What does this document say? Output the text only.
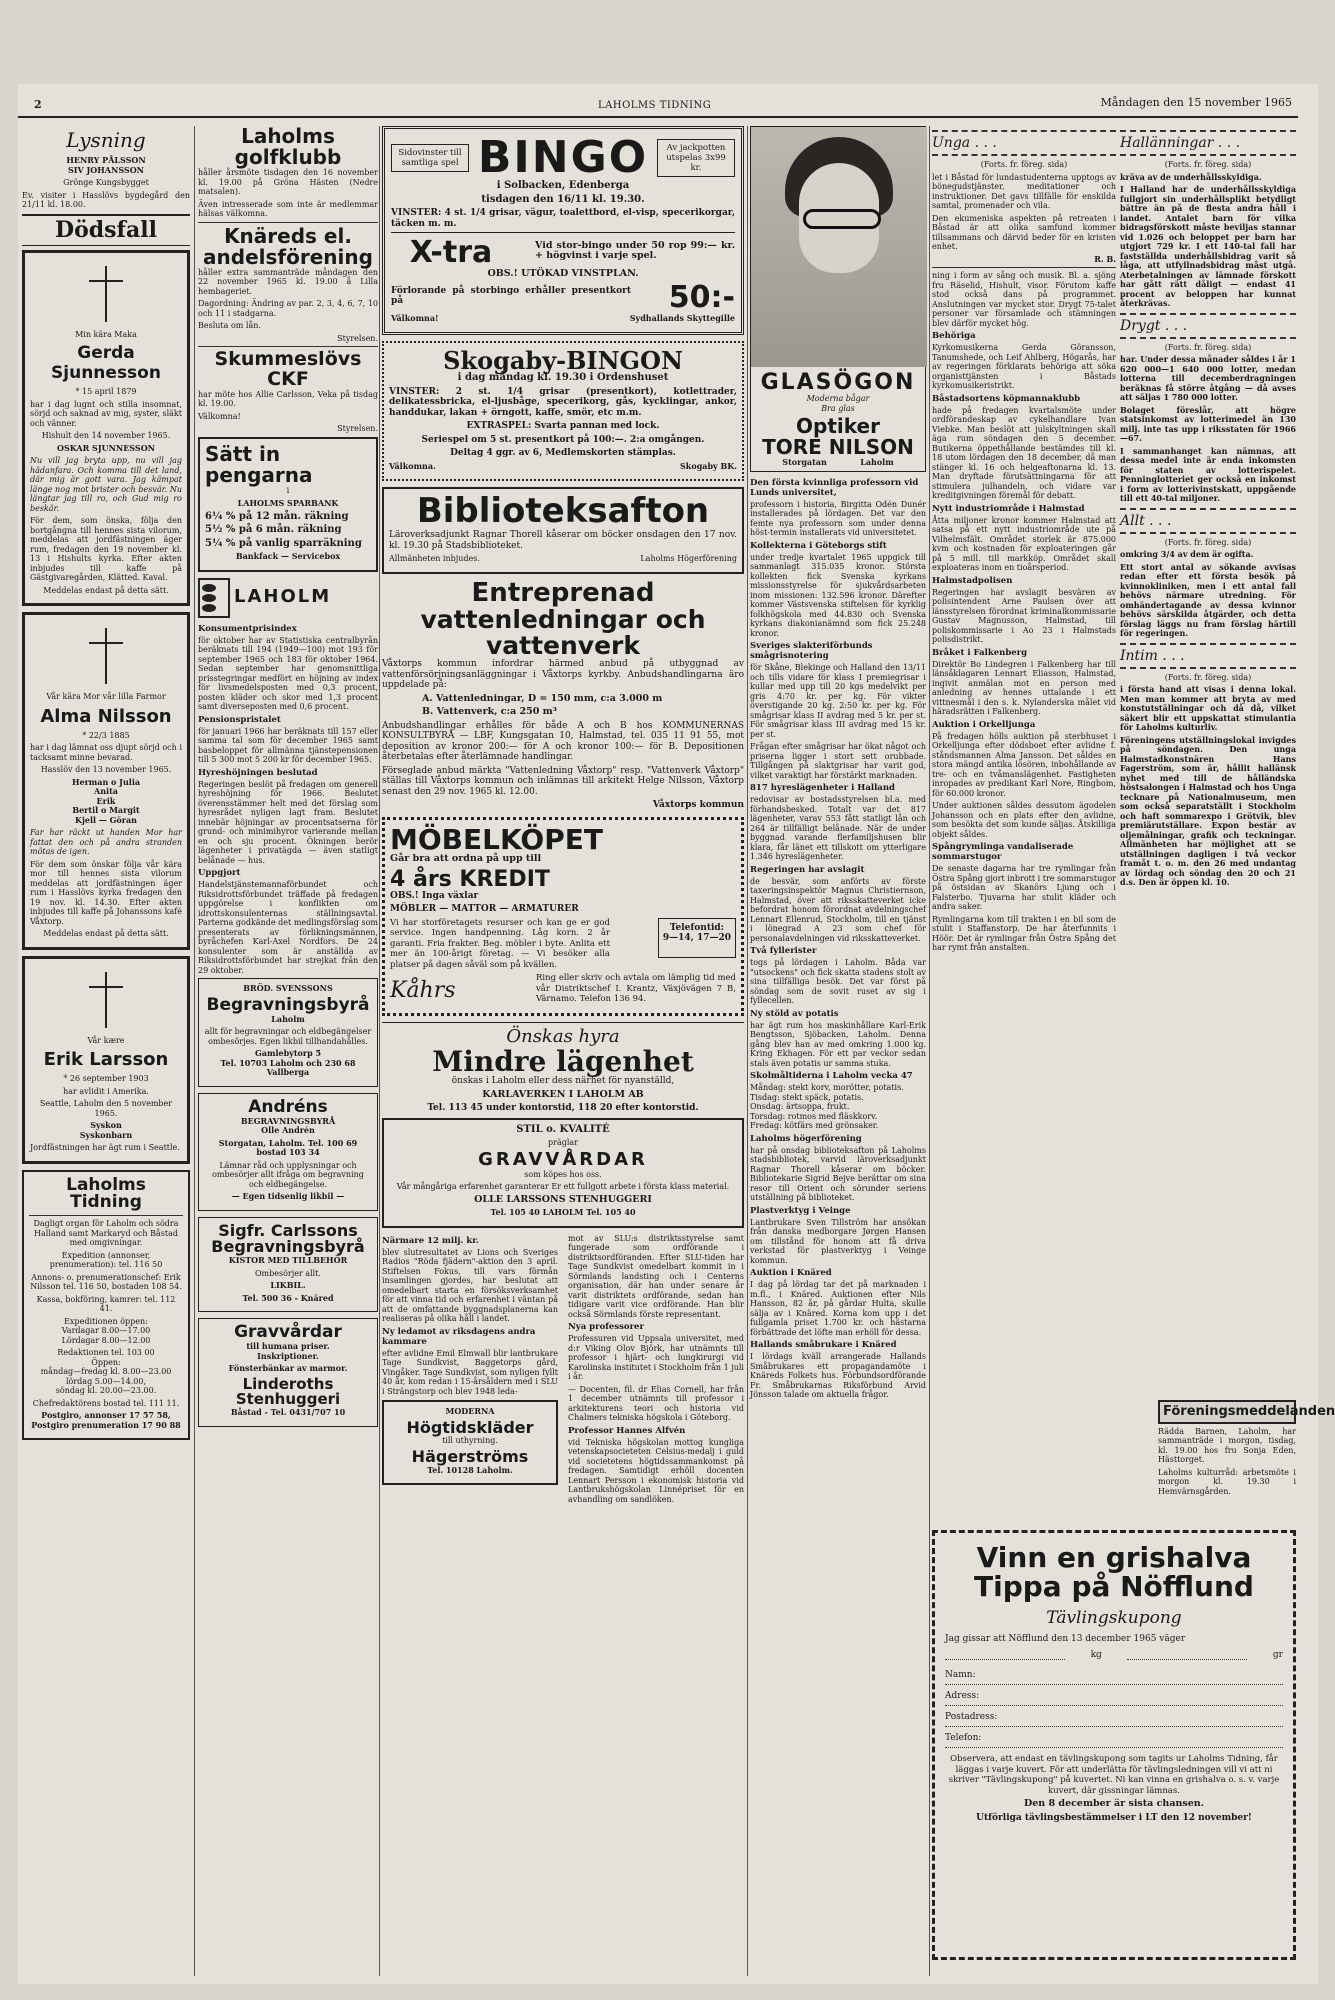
2	LAHOLMS TIDNING	Måndagen den 15 november 1965
Lysning

HENRY PÅLSSON
SIV JOHANSSON

Grönge Kungsbygget

Ev. visiter i Hasslövs bygdegård den 21/11 kl. 18.00.

Dödsfall

Min kära Maka

Gerda Sjunnesson

* 15 april 1879

har i dag lugnt och stilla insomnat, sörjd och saknad av mig, syster, släkt och vänner.

Hishult den 14 november 1965.

OSKAR SJUNNESSON

Nu vill jag bryta upp, nu vill jag hädanfara. Och komma till det land, där mig är gott vara. Jag kämpat länge nog mot brister och besvär. Nu längtar jag till ro, och Gud mig ro beskär.

För dem, som önska, följa den bortgångna till hennes sista vilorum, meddelas att jordfästningen äger rum, fredagen den 19 november kl. 13 i Hishults kyrka. Efter akten inbjudes till kaffe på Gästgivaregården, Klätted. Kaval.

Meddelas endast på detta sätt.

Vår kära Mor vår lilla Farmor

Alma Nilsson

* 22/3 1885

har i dag lämnat oss djupt sörjd och i tacksamt minne bevarad.

Hasslöv den 13 november 1965.

Herman o Julia
Anita
Erik
Bertil o Margit
Kjell — Göran

Far har räckt ut handen Mor har fattat den och på andra stranden mötas de igen.

För dem som önskar följa vår kära mor till hennes sista vilorum meddelas att jordfästningen äger rum i Hasslövs kyrka fredagen den 19 nov. kl. 14.30. Efter akten inbjudes till kaffe på Johanssons kafé Våxtorp.

Meddelas endast på detta sätt.

Vår kære

Erik Larsson

* 26 september 1903

har avlidit i Amerika.

Seattle, Laholm den 5 november 1965.

Syskon
Syskonbarn

Jordfästningen har ägt rum i Seattle.

Laholms Tidning

Dagligt organ för Laholm och södra Halland samt Markaryd och Båstad med omgivningar.

Expedition (annonser, prenumeration): tel. 116 50

Annons- o. prenumerationschef: Erik Nilsson tel. 116 50, bostaden 108 54.

Kassa, bokföring, kamrer: tel. 112 41.

Expeditionen öppen:
Vardagar 8.00—17.00
Lördagar 8.00—12.00

Redaktionen tel. 103 00
Öppen:
måndag—fredag kl. 8.00—23.00
lördag 5.00—14.00,
söndag kl. 20.00—23.00.

Chefredaktörens bostad tel. 111 11.

Postgiro, annonser 17 57 58,
Postgiro prenumeration 17 90 88

Laholms golfklubb

håller årsmöte tisdagen den 16 november kl. 19.00 på Gröna Hästen (Nedre matsalen).

Även intresserade som inte är medlemmar hälsas välkomna.

Knäreds el. andelsförening

håller extra sammanträde måndagen den 22 november 1965 kl. 19.00 å Lilla hembageriet.

Dagordning: Ändring av par. 2, 3, 4, 6, 7, 10 och 11 i stadgarna.

Besluta om lån.

Styrelsen.

Skummeslövs CKF

har möte hos Allie Carlsson, Veka på tisdag kl. 19.00.

Välkomna!

Styrelsen.

Sätt in
pengarna

i

LAHOLMS SPARBANK

6¼ % på 12 mån. räkning

5½ % på 6 mån. räkning

5¼ % på vanlig sparräkning

Bankfack — Servicebox

LAHOLM
Konsumentprisindex

för oktober har av Statistiska centralbyrån beräknats till 194 (1949—100) mot 193 för september 1965 och 183 för oktober 1964. Sedan september har genomsnittliga prisstegringar medfört en höjning av index för livsmedelsposten med 0,3 procent, posten kläder och skor med 1,3 procent samt diverseposten med 0,6 procent.

Pensionspristalet

för januari 1966 har beräknats till 157 eller samma tal som för december 1965 samt basbeloppet för allmänna tjänstepensionen till 5 300 mot 5 200 kr för december 1965.

Hyreshöjningen beslutad

Regeringen beslöt på fredagen om generell hyreshöjning för 1966. Beslutet överensstämmer helt med det förslag som hyresrådet nyligen lagt fram. Beslutet innebär höjningar av procentsatserna för grund- och minimihyror varierande mellan en och sju procent. Ökningen berör lägenheter i privatägda — även statligt belånade — hus.

Uppgjort

Handelstjänstemannaförbundet och Riksidrottsförbundet träffade på fredagen uppgörelse i konflikten om idrottskonsulenternas ställningsavtal. Parterna godkände det medlingsförslag som presenterats av förlikningsmännen, byråchefen Karl-Axel Nordfors. De 24 konsulenter som är anställda av Riksidrottsförbundet har strejkat från den 29 oktober.

BRÖD. SVENSSONS

Begravningsbyrå

Laholm

allt för begravningar och eldbegängelser ombesörjes. Egen likbil tillhandahålles.

Gamlebytorp 5
Tel. 10703 Laholm och 230 68 Vallberga

Andréns

BEGRAVNINGSBYRÅ
Olle Andrén

Storgatan, Laholm. Tel. 100 69
bostad 103 34

Lämnar råd och upplysningar och ombesörjer allt ifråga om begravning och eldbegängelse.

— Egen tidsenlig likbil —

Sigfr. Carlssons Begravningsbyrå

KISTOR MED TILLBEHÖR

Ombesörjer allt.

LIKBIL.

Tel. 500 36 - Knäred

Gravvårdar

till humana priser.
Inskriptioner.

Fönsterbänkar av marmor.

Linderoths Stenhuggeri

Båstad - Tel. 0431/707 10

Sidovinster till samtliga spel BINGO	Av jackpotten utspelas 3x99 kr.

i Solbacken, Edenberga

tisdagen den 16/11 kl. 19.30.

VINSTER: 4 st. 1/4 grisar, vägur, toalettbord, el-visp, specerikorgar, täcken m. m.

X-tra	Vid stor-bingo under 50 rop 99:— kr. + högvinst i varje spel.

OBS.! UTÖKAD VINSTPLAN.

Förlorande på storbingo erhåller presentkort på	50:-

Välkomna!	Sydhallands Skyttegille

Skogaby-BINGON

i dag måndag kl. 19.30 i Ordenshuset

VINSTER: 2 st. 1/4 grisar (presentkort), kotlettrader, delikatessbricka, el-ljusbåge, specerikorg, gås, kycklingar, ankor, handdukar, lakan + örngott, kaffe, smör, etc m.m.

EXTRASPEL: Svarta pannan med lock.

Seriespel om 5 st. presentkort på 100:—. 2:a omgången.

Deltag 4 ggr. av 6, Medlemskorten stämplas.

Välkomna.	Skogaby BK.

Biblioteksafton

Läroverksadjunkt Ragnar Thorell kåserar om böcker onsdagen den 17 nov. kl. 19.30 på Stadsbiblioteket.

Allmänheten inbjudes.	Laholms Högerförening

Entreprenad
vattenledningar och vattenverk

Våxtorps kommun infordrar härmed anbud på utbyggnad av vattenförsörjningsanläggningar i Våxtorps kyrkby. Anbudshandlingarna äro uppdelade på:

A. Vattenledningar, D = 150 mm, c:a 3.000 m

B. Vattenverk, c:a 250 m³

Anbudshandlingar erhålles för både A och B hos KOMMUNERNAS KONSULTBYRÅ — LBF, Kungsgatan 10, Halmstad, tel. 035 11 91 55, mot deposition av kronor 200:— för A och kronor 100:— för B. Depositionen återbetalas efter återlämnade handlingar.

Förseglade anbud märkta "Vattenledning Våxtorp" resp. "Vattenverk Våxtorp" ställas till Våxtorps kommun och inlämnas till arkitekt Helge Nilsson, Våxtorp senast den 29 nov. 1965 kl. 12.00.

Våxtorps kommun

MÖBELKÖPET

Går bra att ordna på upp till

4 års KREDIT

OBS.! Inga växlar

MÖBLER — MATTOR — ARMATURER

Vi har storföretagets resurser och kan ge er god service. Ingen handpenning. Låg korn. 2 år garanti. Fria frakter. Beg. möbler i byte. Anlita ett mer än 100-årigt företag. — Vi besöker alla platser på dagen såväl som på kvällen.

Telefontid:
9—14, 17—20
Kåhrs	Ring eller skriv och avtala om lämplig tid med vår Distriktschef I. Krantz, Växjövägen 7 B, Värnamo. Telefon 136 94.

Önskas hyra
Mindre lägenhet

önskas i Laholm eller dess närhet för nyanställd,

KARLAVERKEN I LAHOLM AB

Tel. 113 45 under kontorstid, 118 20 efter kontorstid.

STIL o. KVALITÉ

präglar

GRAVVÅRDAR

som köpes hos oss.

Vår mångåriga erfarenhet garanterar Er ett fullgott arbete i första klass material.

OLLE LARSSONS STENHUGGERI

Tel. 105 40 LAHOLM Tel. 105 40

Närmare 12 milj. kr.

blev slutresultatet av Lions och Sveriges Radios "Röda fjädern"-aktion den 3 april. Stiftelsen Fokus, till vars förmån insamlingen gjordes, har beslutat att omedelbart starta en försöksverksamhet för att vinna tid och erfarenhet i väntan på att de omfattande byggnadsplanerna kan realiseras på olika håll i landet.

Ny ledamot av riksdagens andra kammare

efter avlidne Emil Elmwall blir lantbrukare Tage Sundkvist, Baggetorps gård, Vingåker. Tage Sundkvist, som nyligen fyllt 40 år, kom redan i 15-årsåldern med i SLU i Strängstorp och blev 1948 leda-

MODERNA

Högtidskläder

till uthyrning.

Hägerströms

Tel. 10128 Laholm.

mot av SLU:s distriktsstyrelse samt fungerade som ordförande i distriktsordföranden. Efter SLU-tiden har Tage Sundkvist omedelbart kommit in i Sörmlands landsting och i Centerns organisation, där han under senare år varit distriktets ordförande, sedan han tidigare varit vice ordförande. Han blir också Sörmlands förste representant.

Nya professorer

Professuren vid Uppsala universitet, med d:r Viking Olov Björk, har utnämnts till professor i hjärt- och lungkirurgi vid Karolinska institutet i Stockholm från 1 juli i år.

— Docenten, fil. dr Elias Cornell, har från 1 december utnämnts till professor i arkitekturens teori och historia vid Chalmers tekniska högskola i Göteborg.

Professor Hannes Alfvén

vid Tekniska högskolan mottog kungliga vetenskapsocieteten Celsius-medalj i guld vid societetens högtidssammankomst på fredagen. Samtidigt erhöll docenten Lennart Persson i ekonomisk historia vid Lantbrukshögskolan Linnépriset för en avhandling om sandlöken.

GLASÖGON

Moderna bågar
Bra glas

Optiker
TORE NILSON

Storgatan            Laholm

Den första kvinnliga professorn vid Lunds universitet,

professorn i historia, Birgitta Odén Dunér installerades på lördagen. Det var den femte nya professorn som under denna höst-termin installerats vid universitetet.

Kollekterna i Göteborgs stift

under tredje kvartalet 1965 uppgick till sammanlagt 315.035 kronor. Största kollekten fick Svenska kyrkans missionsstyrelse för sjukvårdsarbeten inom missionen: 132.596 kronor. Därefter kommer Västsvenska stiftelsen för kyrklig folkhögskola med 44.830 och Svenska kyrkans diakonianämnd som fick 25.248 kronor.

Sveriges slakteriförbunds smågrisnotering

för Skåne, Blekinge och Halland den 13/11 och tills vidare för klass I premiegrisar i kullar med upp till 20 kgs medelvikt per gris 4:70 kr. per kg. För vikter överstigande 20 kg. 2:50 kr. per kg. För smågrisar klass II avdrag med 5 kr. per st. För smågrisar klass III avdrag med 15 kr. per st.

Frågan efter smågrisar har ökat något och priserna ligger i stort sett orubbade. Tillgången på slaktgrisar har varit god, vilket varaktigt har förstärkt marknaden.

817 hyreslägenheter i Halland

redovisar av bostadsstyrelsen bl.a. med förhandsbesked. Totalt var det 817 lägenheter, varav 553 fått statligt lån och 264 är tillfälligt belånade. När de under byggnad varande flerfamiljshusen blir klara, får länet ett tillskott om ytterligare 1.346 hyreslägenheter.

Regeringen har avslagit

de besvär, som anförts av förste taxeringsinspektör Magnus Christiernson, Halmstad, över att riksskatteverket icke befordrat honom förordnat avdelningschef Lennart Ellenrud, Stockholm, till en tjänst i lönegrad A 23 som chef för personalavdelningen vid riksskatteverket.

Två fyllerister

togs på lördagen i Laholm. Båda var "utsockens" och fick skatta stadens stolt av sina tillfälliga besök. Det var först på söndag som de sovit ruset av sig i fyllecellen.

Ny stöld av potatis

har ägt rum hos maskinhållare Karl-Erik Bengtsson, Sjöbacken, Laholm. Denna gång blev han av med omkring 1.000 kg. Kring Ekhagen. För ett par veckor sedan stals även potatis ur samma stuka.

Skolmåltiderna i Laholm vecka 47

Måndag: stekt korv, morötter, potatis.
Tisdag: stekt späck, potatis.
Onsdag: ärtsoppa, frukt.
Torsdag: rotmos med fläskkorv.
Fredag: kötfärs med grönsaker.

Laholms högerförening

har på onsdag biblioteksafton på Laholms stadsbibliotek, varvid läroverksadjunkt Ragnar Thorell kåserar om böcker. Bibliotekarie Sigrid Bejve berättar om sina resor till Orient och sörunder seriens utställning på biblioteket.

Plastverktyg i Veinge

Lantbrukare Sven Tillström har ansökan från danska medborgare Jørgen Hansen om tillstånd för honom att få driva verkstad för plastverktyg i Veinge kommun.

Auktion i Knäred

I dag på lördag tar det på marknaden i m.fl., i Knäred. Auktionen efter Nils Hansson, 82 år, på gårdar Hulta, skulle sälja av i Knäred. Korna kom upp i det fullgamla priset 1.700 kr. och hästarna förbättrade det löfte man erhöll för dessa.

Hallands småbrukare i Knäred

I lördags kväll arrangerade Hallands Småbrukares ett propagandamöte i Knäreds Folkets hus. Förbundsordförande Fr. Småbrukarnas Riksförbund Arvid Jönsson talade om aktuella frågor.

Unga . . .

(Forts. fr. föreg. sida)

let i Båstad för lundastudenterna upptogs av bönegudstjänster, meditationer och instruktioner. Det gavs tillfälle för enskilda samtal, promenader och vila.

Den ekumeniska aspekten på retreaten i Båstad är att olika samfund kommer tillsammans och därvid beder för en kristen enhet.

R. B.

ning i form av sång och musik. Bl. a. sjöng fru Räselid, Hishult, visor. Förutom kaffe stod också dans på programmet. Anslutningen var mycket stor. Drygt 75-talet personer var församlade och stämningen blev därför mycket hög.

Behöriga

Kyrkomusikerna Gerda Göransson, Tanumshede, och Leif Ahlberg, Högarås, har av regeringen förklarats behöriga att söka organisttjänsten i Båstads kyrkomusikeristrikt.

Båstadsortens köpmannaklubb

hade på fredagen kvartalsmöte under ordförandeskap av cykelhandlare Ivan Viebke. Man beslöt att julskyltningen skall äga rum söndagen den 5 december. Butikerna öppethållande bestämdes till kl. 18 utom lördagen den 18 december, då man stänger kl. 16 och helgeaftonarna kl. 13. Man dryftade förutsättningarna för att stimulera julhandeln, och vidare var kreditgivningen föremål för debatt.

Nytt industriområde i Halmstad

Åtta miljoner kronor kommer Halmstad att satsa på ett nytt industriområde ute på Vilhelmsfält. Området storlek är 875.000 kvm och kostnaden för exploateringen går på 5 mill. till markköp. Området skall exploateras inom en tioårsperiod.

Halmstadpolisen

Regeringen har avslagit besvären av polisintendent Arne Paulsen över att länsstyrelsen förordnat kriminalkommissarie Gustav Magnusson, Halmstad, till poliskommissarie i Ao 23 i Halmstads polisdistrikt.

Bråket i Falkenberg

Direktör Bo Lindegren i Falkenberg har till länsåklagaren Lennart Eliasson, Halmstad, ingivit anmälan mot en person med anledning av hennes uttalande i ett vittnesmål i den s. k. Nylanderska målet vid häradsrätten i Falkenberg.

Auktion i Orkelljunga

På fredagen hölls auktion på sterbhuset i Orkelljunga efter dödsboet efter avlidne f. ståndsmannen Alma Jansson. Det såldes en stora mängd antika lösören, inbohållande av tre- och en tvåmanslägenhet. Fastigheten inropades av predikant Karl Nore, Ringbom, för 60.000 kronor.

Under auktionen såldes dessutom ägodelen Johansson och en plats efter den avlidne, som besökta det som kunde säljas. Åtskilliga objekt såldes.

Spångrymlinga vandaliserade sommarstugor

De senaste dagarna har tre rymlingar från Östra Spång gjort inbrott i tre sommarstugor på östsidan av Skanörs Ljung och i Falsterbo. Tjuvarna har stulit kläder och andra saker.

Rymlingarna kom till trakten i en bil som de stulit i Staffanstorp. De har återfunnits i Höör. Det är rymlingar från Östra Spång det har rymt från anstalten.

Hallänningar . . .

(Forts. fr. föreg. sida)

kräva av de underhållsskyldiga.

I Halland har de underhållsskyldiga fullgjort sin underhållsplikt betydligt bättre än på de flesta andra håll i landet. Antalet barn för vilka bidragsförskott måste beviljas stannar vid 1.026 och beloppet per barn har utgjort 729 kr. I ett 140-tal fall har fastställda underhållsbidrag varit så låga, att utfyllnadsbidrag måst utgå. Aterbetalningen av lämnade förskott har gått rätt dåligt — endast 41 procent av beloppen har kunnat återkrävas.

Drygt . . .

(Forts. fr. föreg. sida)

har. Under dessa månader såldes i år 1 620 000—1 640 000 lotter, medan lotterna till decemberdragningen beräknas få större åtgång — då avses att säljas 1 780 000 lotter.

Bolaget föreslår, att högre statsinkomst av lotterimedel än 130 milj. inte tas upp i riksstaten för 1966—67.

I sammanhanget kan nämnas, att dessa medel inte är enda inkomsten för staten av lotterispelet. Penninglotteriet ger också en inkomst i form av lotterivinstskatt, uppgående till ett 40-tal miljoner.

Allt . . .

(Forts. fr. föreg. sida)

omkring 3/4 av dem är ogifta.

Ett stort antal av sökande avvisas redan efter ett första besök på kvinnokliniken, men i ett antal fall behövs närmare utredning. För omhändertagande av dessa kvinnor behövs särskilda åtgärder, och detta förslag läggs nu fram förslag härtill för regeringen.

Intim . . .

(Forts. fr. föreg. sida)

i första hand att visas i denna lokal. Men man kommer att bryta av med konstutställningar och då då, vilket säkert blir ett uppskattat stimulantia för Laholms kulturliv.

Föreningens utställningslokal invigdes på söndagen. Den unga Halmstadkonstnären Hans Fagerström, som är, hållit hallänsk nyhet med till de hålländska höstsalongen i Halmstad och hos Unga tecknare på Nationalmuseum, men som också separatställt i Stockholm och haft sommarexpo i Grötvik, blev premiärutställare. Expon bestär av oljemålningar, grafik och teckningar. Allmänheten har möjlighet att se utställningen dagligen i två veckor framåt t. o. m. den 26 med undantag av lördag och söndag den 20 och 21 d.s. Den är öppen kl. 10.

Föreningsmeddelanden

Rädda Barnen, Laholm, har sammanträde i morgon, tisdag, kl. 19.00 hos fru Sonja Eden, Hästtorget.

Laholms kulturråd: arbetsmöte i morgon kl. 19.30 i Hemvärnsgården.

Vinn en grishalva
Tippa på Nöfflund
Tävlingskupong

Jag gissar att Nöfflund den 13 december 1965 väger

kg	gr
Namn:
Adress:
Postadress:
Telefon:

Observera, att endast en tävlingskupong som tagits ur Laholms Tidning, får läggas i varje kuvert. För att underlätta för tävlingsledningen vill vi att ni skriver "Tävlingskupong" på kuvertet. Ni kan vinna en grishalva o. s. v. varje kuvert, där gissningar lämnas.

Den 8 december är sista chansen.

Utförliga tävlingsbestämmelser i LT den 12 november!
